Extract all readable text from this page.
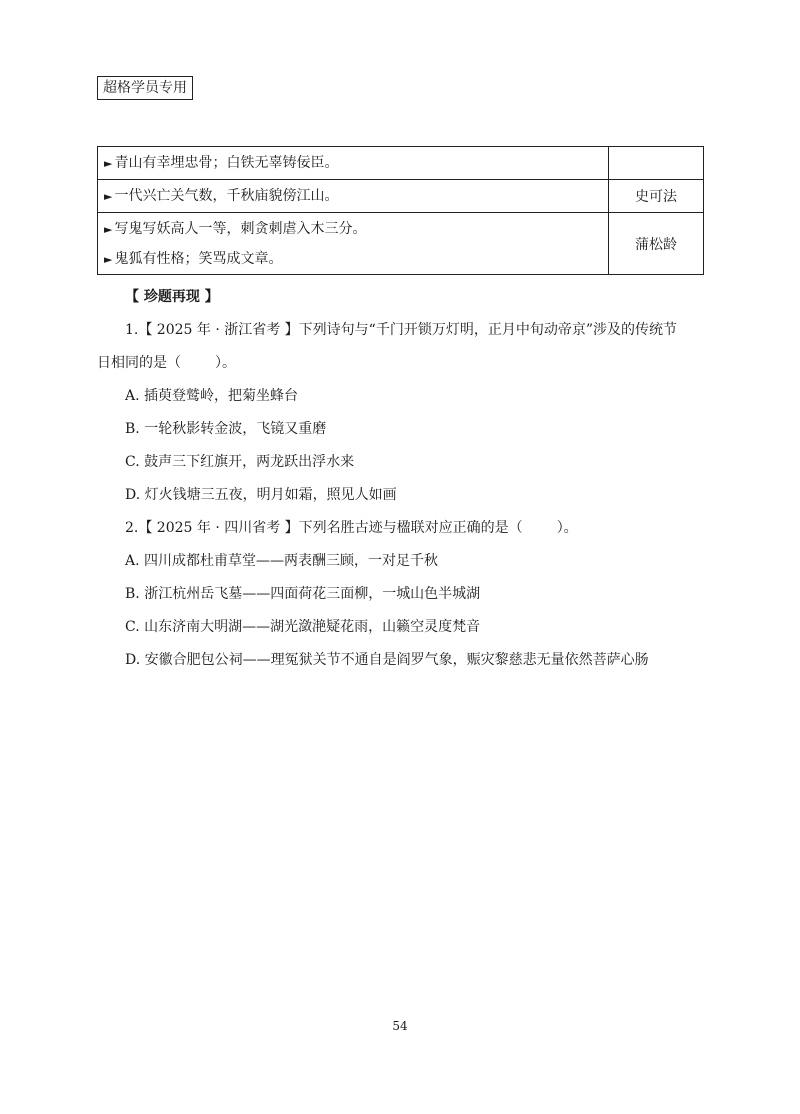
超格学员专用
► 青山有幸埋忠骨；白铁无辜铸佞臣。	

► 一代兴亡关气数，千秋庙貌傍江山。	史可法

► 写鬼写妖高人一等，刺贪刺虐入木三分。
► 鬼狐有性格；笑骂成文章。	蒲松龄
【 珍题再现 】
1.【 2025 年 · 浙江省考 】下列诗句与“千门开锁万灯明，正月中旬动帝京”涉及的传统节
日相同的是（ ）。
A. 插萸登鹫岭，把菊坐蜂台
B. 一轮秋影转金波，飞镜又重磨
C. 鼓声三下红旗开，两龙跃出浮水来
D. 灯火钱塘三五夜，明月如霜，照见人如画
2.【 2025 年 · 四川省考 】下列名胜古迹与楹联对应正确的是（ ）。
A. 四川成都杜甫草堂——两表酬三顾，一对足千秋
B. 浙江杭州岳飞墓——四面荷花三面柳，一城山色半城湖
C. 山东济南大明湖——湖光潋滟疑花雨，山籁空灵度梵音
D. 安徽合肥包公祠——理冤狱关节不通自是阎罗气象，赈灾黎慈悲无量依然菩萨心肠
54
